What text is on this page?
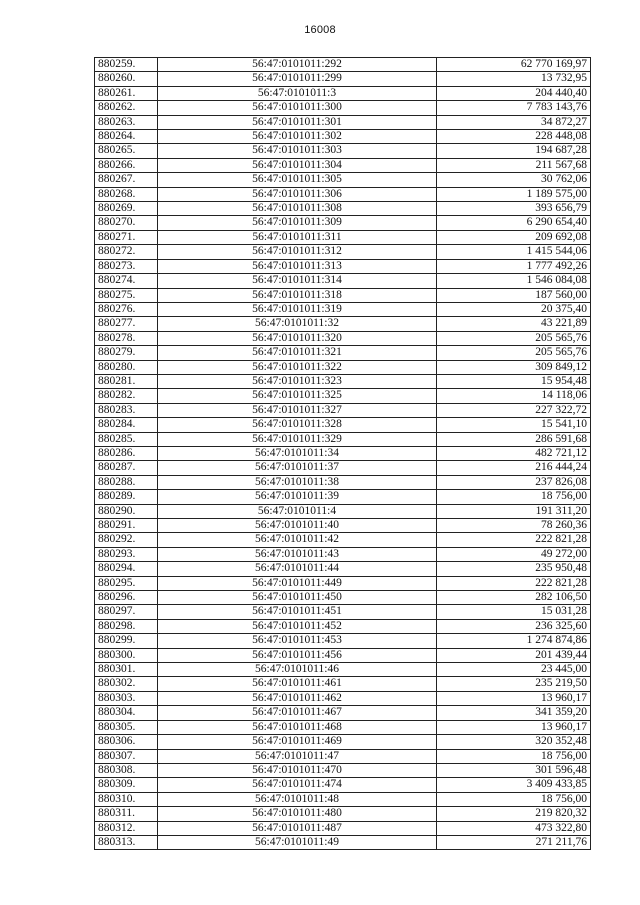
16008
880259.	56:47:0101011:292	62 770 169,97
880260.	56:47:0101011:299	13 732,95
880261.	56:47:0101011:3	204 440,40
880262.	56:47:0101011:300	7 783 143,76
880263.	56:47:0101011:301	34 872,27
880264.	56:47:0101011:302	228 448,08
880265.	56:47:0101011:303	194 687,28
880266.	56:47:0101011:304	211 567,68
880267.	56:47:0101011:305	30 762,06
880268.	56:47:0101011:306	1 189 575,00
880269.	56:47:0101011:308	393 656,79
880270.	56:47:0101011:309	6 290 654,40
880271.	56:47:0101011:311	209 692,08
880272.	56:47:0101011:312	1 415 544,06
880273.	56:47:0101011:313	1 777 492,26
880274.	56:47:0101011:314	1 546 084,08
880275.	56:47:0101011:318	187 560,00
880276.	56:47:0101011:319	20 375,40
880277.	56:47:0101011:32	43 221,89
880278.	56:47:0101011:320	205 565,76
880279.	56:47:0101011:321	205 565,76
880280.	56:47:0101011:322	309 849,12
880281.	56:47:0101011:323	15 954,48
880282.	56:47:0101011:325	14 118,06
880283.	56:47:0101011:327	227 322,72
880284.	56:47:0101011:328	15 541,10
880285.	56:47:0101011:329	286 591,68
880286.	56:47:0101011:34	482 721,12
880287.	56:47:0101011:37	216 444,24
880288.	56:47:0101011:38	237 826,08
880289.	56:47:0101011:39	18 756,00
880290.	56:47:0101011:4	191 311,20
880291.	56:47:0101011:40	78 260,36
880292.	56:47:0101011:42	222 821,28
880293.	56:47:0101011:43	49 272,00
880294.	56:47:0101011:44	235 950,48
880295.	56:47:0101011:449	222 821,28
880296.	56:47:0101011:450	282 106,50
880297.	56:47:0101011:451	15 031,28
880298.	56:47:0101011:452	236 325,60
880299.	56:47:0101011:453	1 274 874,86
880300.	56:47:0101011:456	201 439,44
880301.	56:47:0101011:46	23 445,00
880302.	56:47:0101011:461	235 219,50
880303.	56:47:0101011:462	13 960,17
880304.	56:47:0101011:467	341 359,20
880305.	56:47:0101011:468	13 960,17
880306.	56:47:0101011:469	320 352,48
880307.	56:47:0101011:47	18 756,00
880308.	56:47:0101011:470	301 596,48
880309.	56:47:0101011:474	3 409 433,85
880310.	56:47:0101011:48	18 756,00
880311.	56:47:0101011:480	219 820,32
880312.	56:47:0101011:487	473 322,80
880313.	56:47:0101011:49	271 211,76
